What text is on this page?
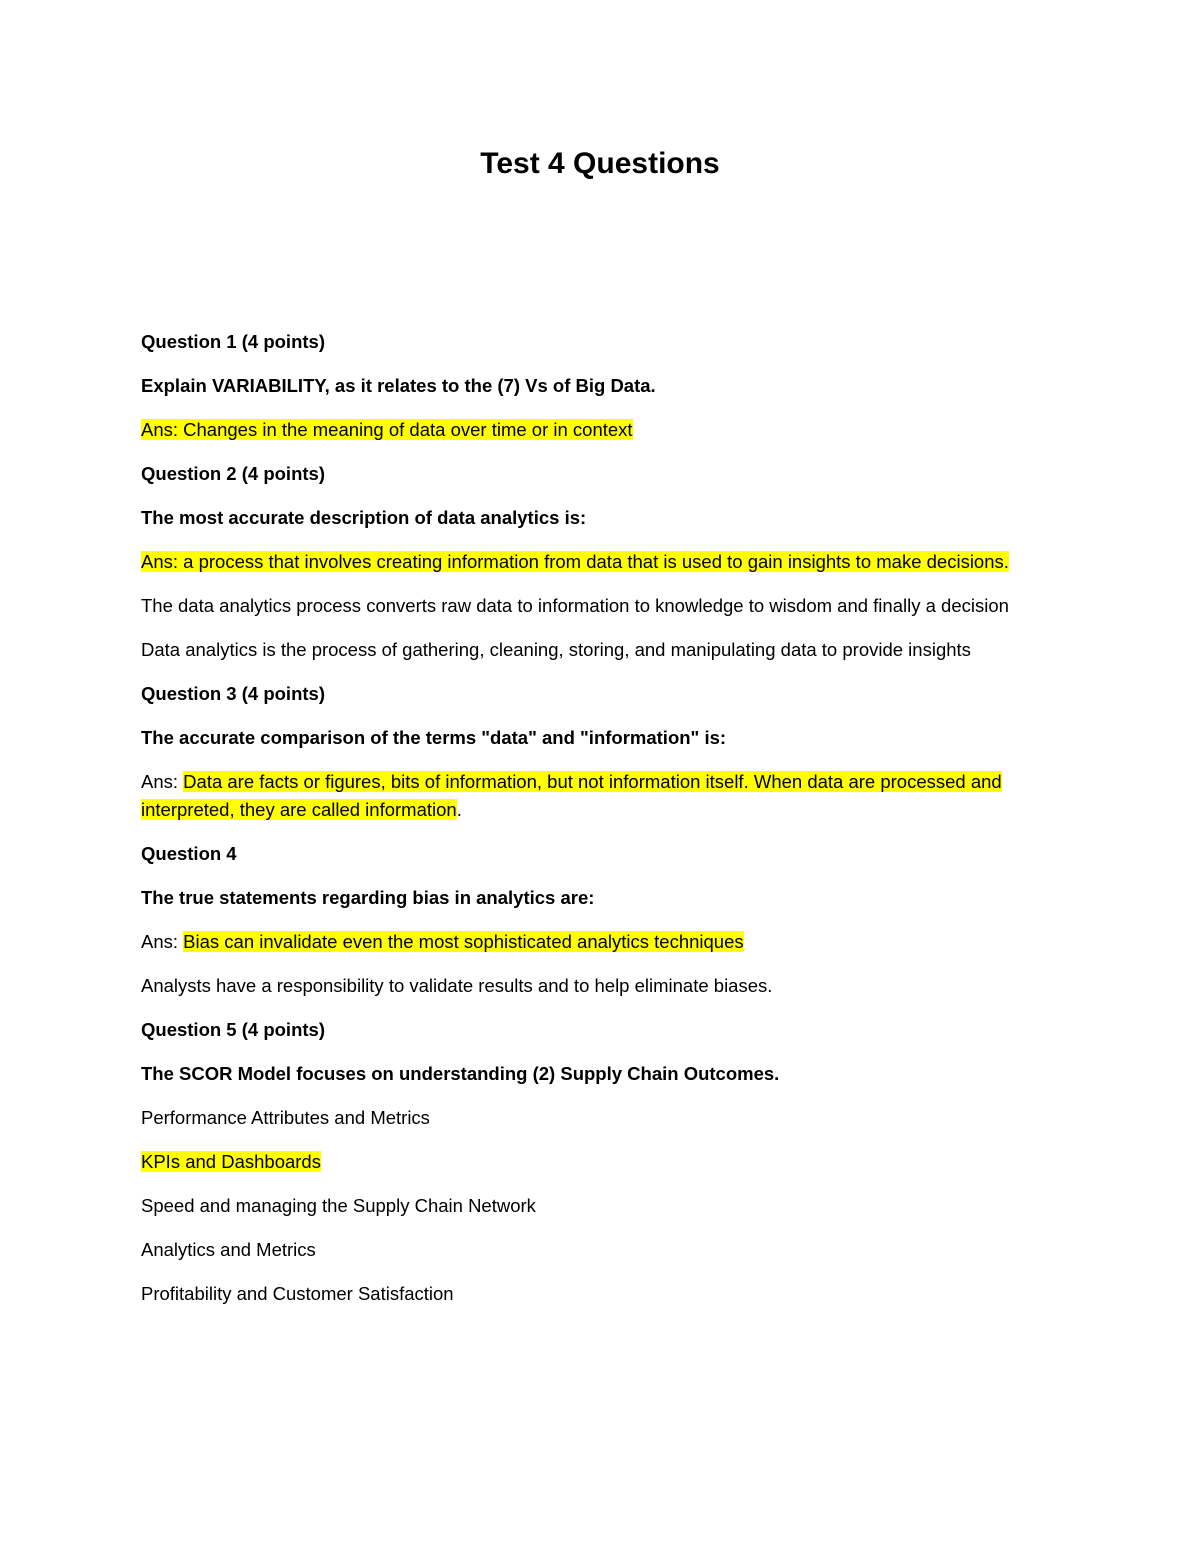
Test 4 Questions

Question 1 (4 points)

Explain VARIABILITY, as it relates to the (7) Vs of Big Data.

Ans: Changes in the meaning of data over time or in context

Question 2 (4 points)

The most accurate description of data analytics is:

Ans: a process that involves creating information from data that is used to gain insights to make decisions.

The data analytics process converts raw data to information to knowledge to wisdom and finally a decision

Data analytics is the process of gathering, cleaning, storing, and manipulating data to provide insights

Question 3 (4 points)

The accurate comparison of the terms "data" and "information" is:

Ans: Data are facts or figures, bits of information, but not information itself. When data are processed and interpreted, they are called information.

Question 4

The true statements regarding bias in analytics are:

Ans: Bias can invalidate even the most sophisticated analytics techniques

Analysts have a responsibility to validate results and to help eliminate biases.

Question 5 (4 points)

The SCOR Model focuses on understanding (2) Supply Chain Outcomes.

Performance Attributes and Metrics

KPIs and Dashboards

Speed and managing the Supply Chain Network

Analytics and Metrics

Profitability and Customer Satisfaction
